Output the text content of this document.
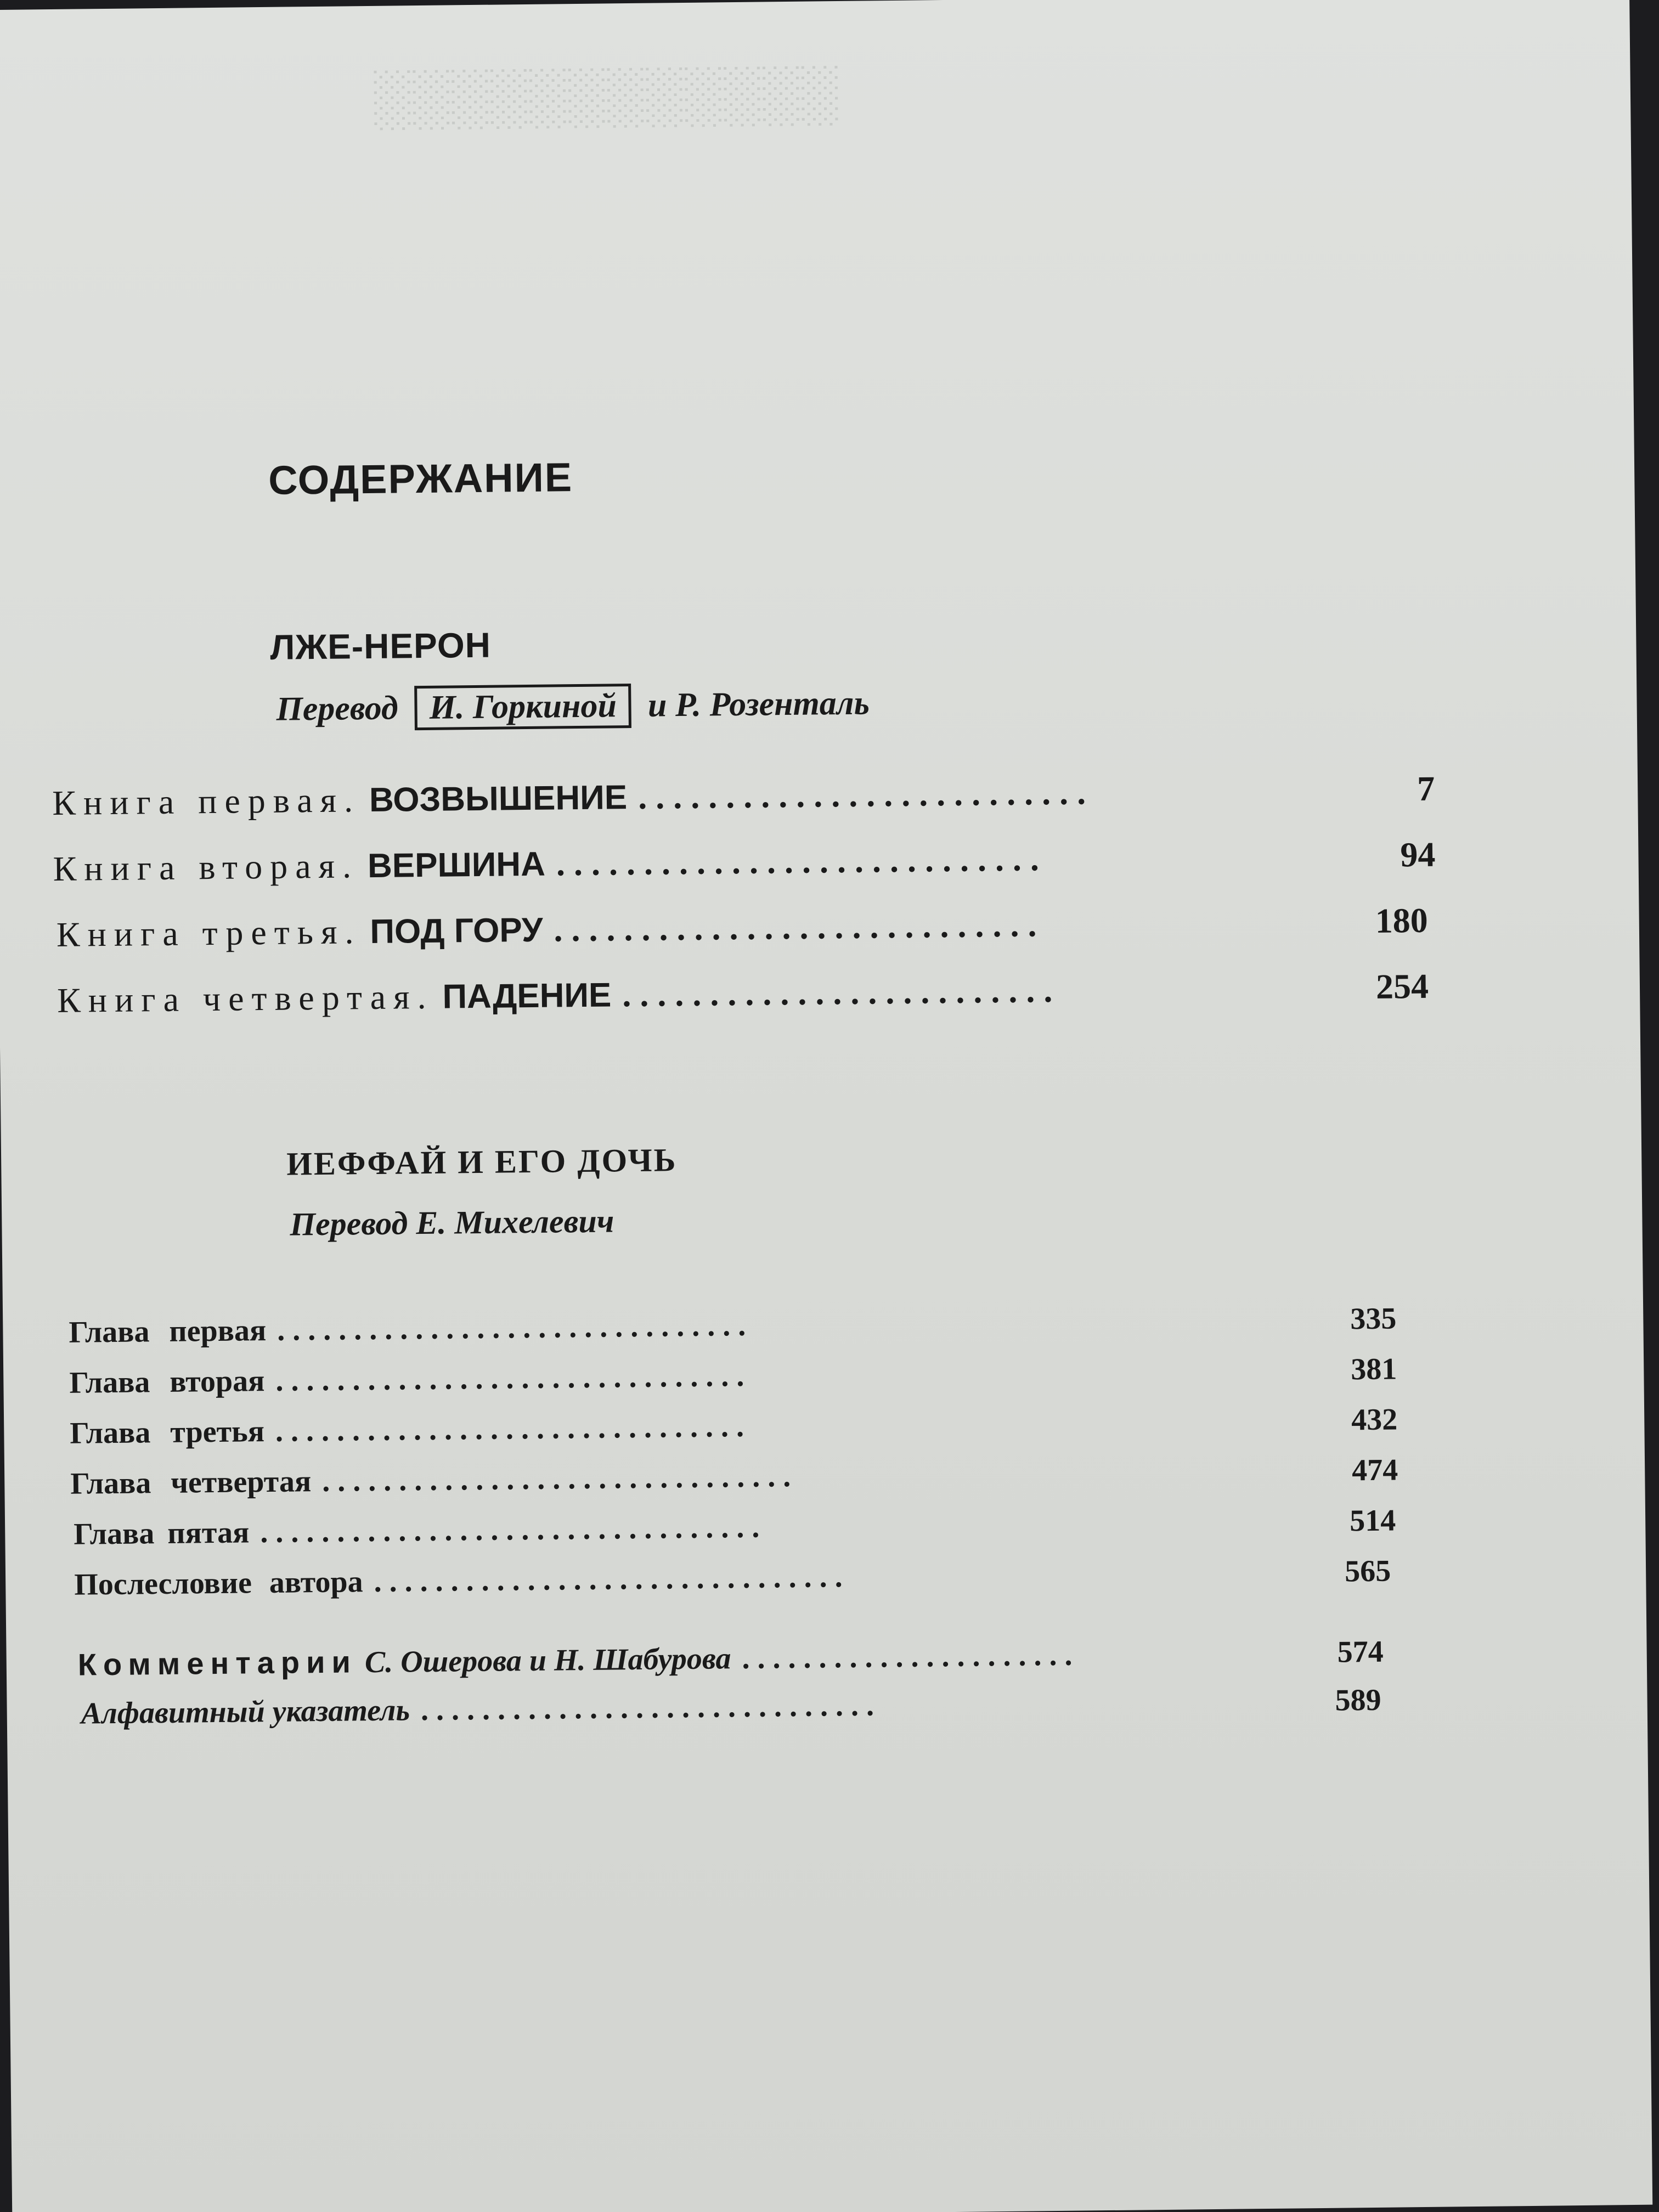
░░░░░░░░░░░░
СОДЕРЖАНИЕ
ЛЖЕ-НЕРОН
Перевод И. Горкиной и Р. Розенталь
Книга первая. ВОЗВЫШЕНИЕ . . . . . . . . . . . . . . . . . . . . . . . . . .	7
Книга вторая. ВЕРШИНА . . . . . . . . . . . . . . . . . . . . . . . . . . . .	94
Книга третья. ПОД ГОРУ . . . . . . . . . . . . . . . . . . . . . . . . . . . .	180
Книга четвертая. ПАДЕНИЕ . . . . . . . . . . . . . . . . . . . . . . . . .	254
ИЕФФАЙ И ЕГО ДОЧЬ
Перевод Е. Михелевич
Глава первая . . . . . . . . . . . . . . . . . . . . . . . . . . . . . . .	335
Глава вторая . . . . . . . . . . . . . . . . . . . . . . . . . . . . . . .	381
Глава третья . . . . . . . . . . . . . . . . . . . . . . . . . . . . . . .	432
Глава четвертая . . . . . . . . . . . . . . . . . . . . . . . . . . . . . . .	474
Глава пятая . . . . . . . . . . . . . . . . . . . . . . . . . . . . . . . . .	514
Послесловие автора . . . . . . . . . . . . . . . . . . . . . . . . . . . . . . .	565
Комментарии С. Ошерова и Н. Шабурова . . . . . . . . . . . . . . . . . . . . . .	574
Алфавитный указатель . . . . . . . . . . . . . . . . . . . . . . . . . . . . . .	589
